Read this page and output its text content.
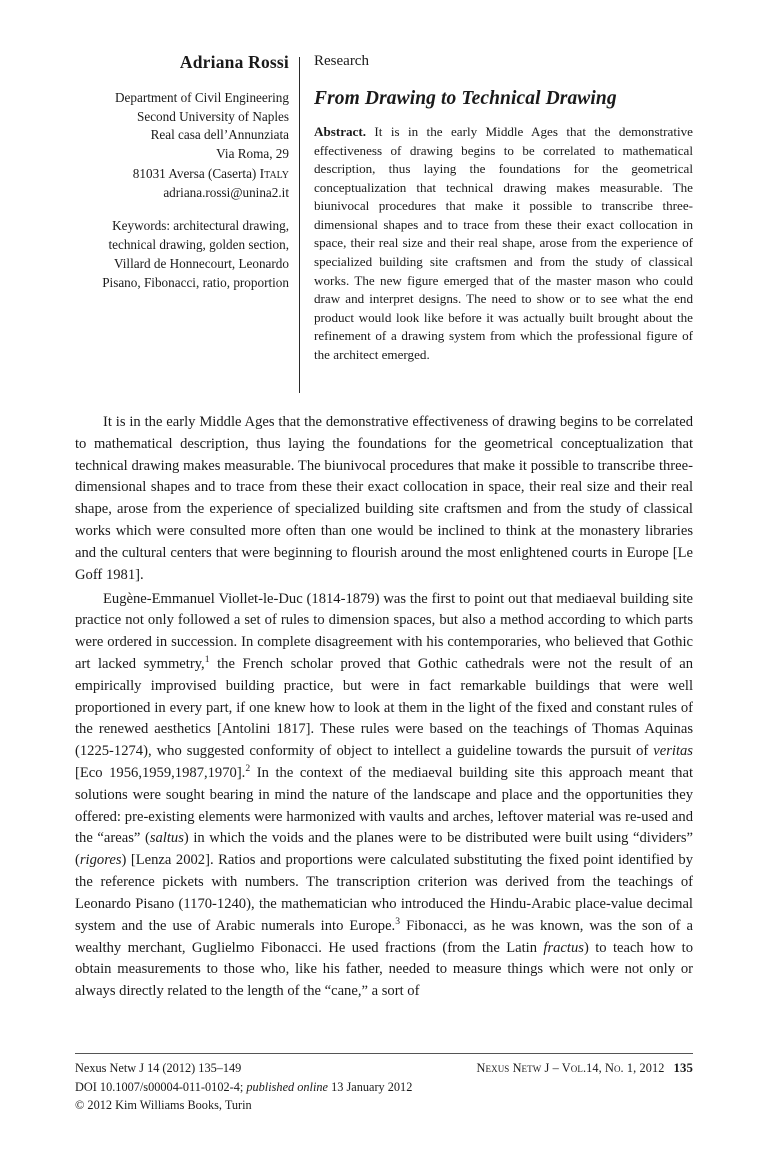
Adriana Rossi
Department of Civil Engineering
Second University of Naples
Real casa dell’Annunziata
Via Roma, 29
81031 Aversa (Caserta) Italy
adriana.rossi@unina2.it
Keywords: architectural drawing, technical drawing, golden section, Villard de Honnecourt, Leonardo Pisano, Fibonacci, ratio, proportion
Research
From Drawing to Technical Drawing
Abstract. It is in the early Middle Ages that the demonstrative effectiveness of drawing begins to be correlated to mathematical description, thus laying the foundations for the geometrical conceptualization that technical drawing makes measurable. The biunivocal procedures that make it possible to transcribe three-dimensional shapes and to trace from these their exact collocation in space, their real size and their real shape, arose from the experience of specialized building site craftsmen and from the study of classical works. The new figure emerged that of the master mason who could draw and interpret designs. The need to show or to see what the end product would look like before it was actually built brought about the refinement of a drawing system from which the professional figure of the architect emerged.

It is in the early Middle Ages that the demonstrative effectiveness of drawing begins to be correlated to mathematical description, thus laying the foundations for the geometrical conceptualization that technical drawing makes measurable. The biunivocal procedures that make it possible to transcribe three-dimensional shapes and to trace from these their exact collocation in space, their real size and their real shape, arose from the experience of specialized building site craftsmen and from the study of classical works which were consulted more often than one would be inclined to think at the monastery libraries and the cultural centers that were beginning to flourish around the most enlightened courts in Europe [Le Goff 1981].

Eugène-Emmanuel Viollet-le-Duc (1814-1879) was the first to point out that mediaeval building site practice not only followed a set of rules to dimension spaces, but also a method according to which parts were ordered in succession. In complete disagreement with his contemporaries, who believed that Gothic art lacked symmetry,$^1$ the French scholar proved that Gothic cathedrals were not the result of an empirically improvised building practice, but were in fact remarkable buildings that were well proportioned in every part, if one knew how to look at them in the light of the fixed and constant rules of the renewed aesthetics [Antolini 1817]. These rules were based on the teachings of Thomas Aquinas (1225-1274), who suggested conformity of object to intellect a guideline towards the pursuit of veritas [Eco 1956,1959,1987,1970].$^2$ In the context of the mediaeval building site this approach meant that solutions were sought bearing in mind the nature of the landscape and place and the opportunities they offered: pre-existing elements were harmonized with vaults and arches, leftover material was re-used and the “areas” (saltus) in which the voids and the planes were to be distributed were built using “dividers” (rigores) [Lenza 2002]. Ratios and proportions were calculated substituting the fixed point identified by the reference pickets with numbers. The transcription criterion was derived from the teachings of Leonardo Pisano (1170-1240), the mathematician who introduced the Hindu-Arabic place-value decimal system and the use of Arabic numerals into Europe.$^3$ Fibonacci, as he was known, was the son of a wealthy merchant, Guglielmo Fibonacci. He used fractions (from the Latin fractus) to teach how to obtain measurements to those who, like his father, needed to measure things which were not only or always directly related to the length of the “cane,” a sort of

Nexus Netw J 14 (2012) 135–149	Nexus Netw J – Vol.14, No. 1, 2012 135
DOI 10.1007/s00004-011-0102-4; published online 13 January 2012
© 2012 Kim Williams Books, Turin
